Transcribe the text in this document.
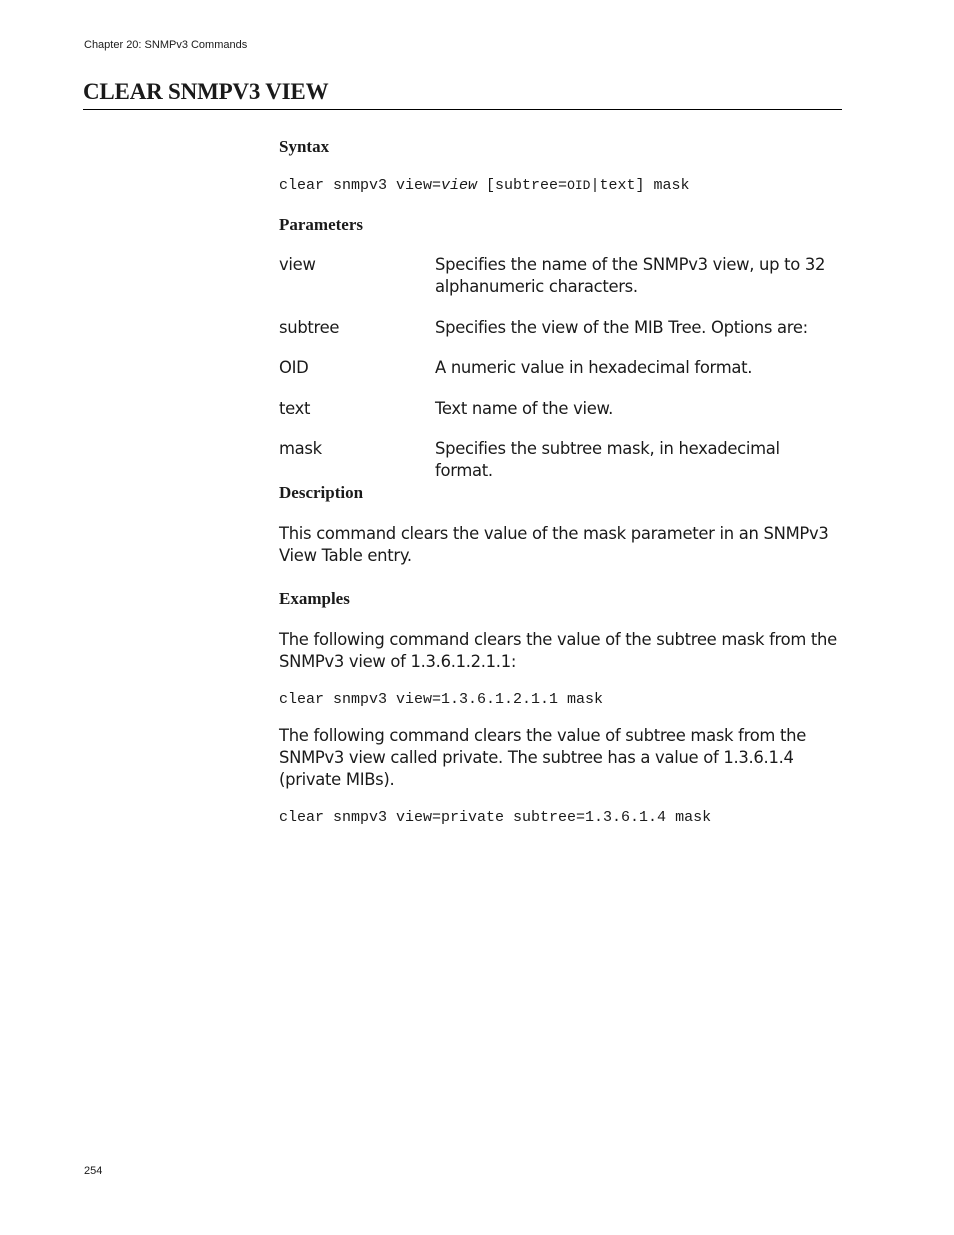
Chapter 20: SNMPv3 Commands
CLEAR SNMPV3 VIEW
Syntax
clear snmpv3 view=view [subtree=OID|text] mask
Parameters
view	Specifies the name of the SNMPv3 view, up to 32 alphanumeric characters.
subtree	Specifies the view of the MIB Tree. Options are:
OID	A numeric value in hexadecimal format.
text	Text name of the view.
mask	Specifies the subtree mask, in hexadecimal format.
Description
This command clears the value of the mask parameter in an SNMPv3 View Table entry.
Examples
The following command clears the value of the subtree mask from the SNMPv3 view of 1.3.6.1.2.1.1:
clear snmpv3 view=1.3.6.1.2.1.1 mask
The following command clears the value of subtree mask from the SNMPv3 view called private. The subtree has a value of 1.3.6.1.4 (private MIBs).
clear snmpv3 view=private subtree=1.3.6.1.4 mask
254
